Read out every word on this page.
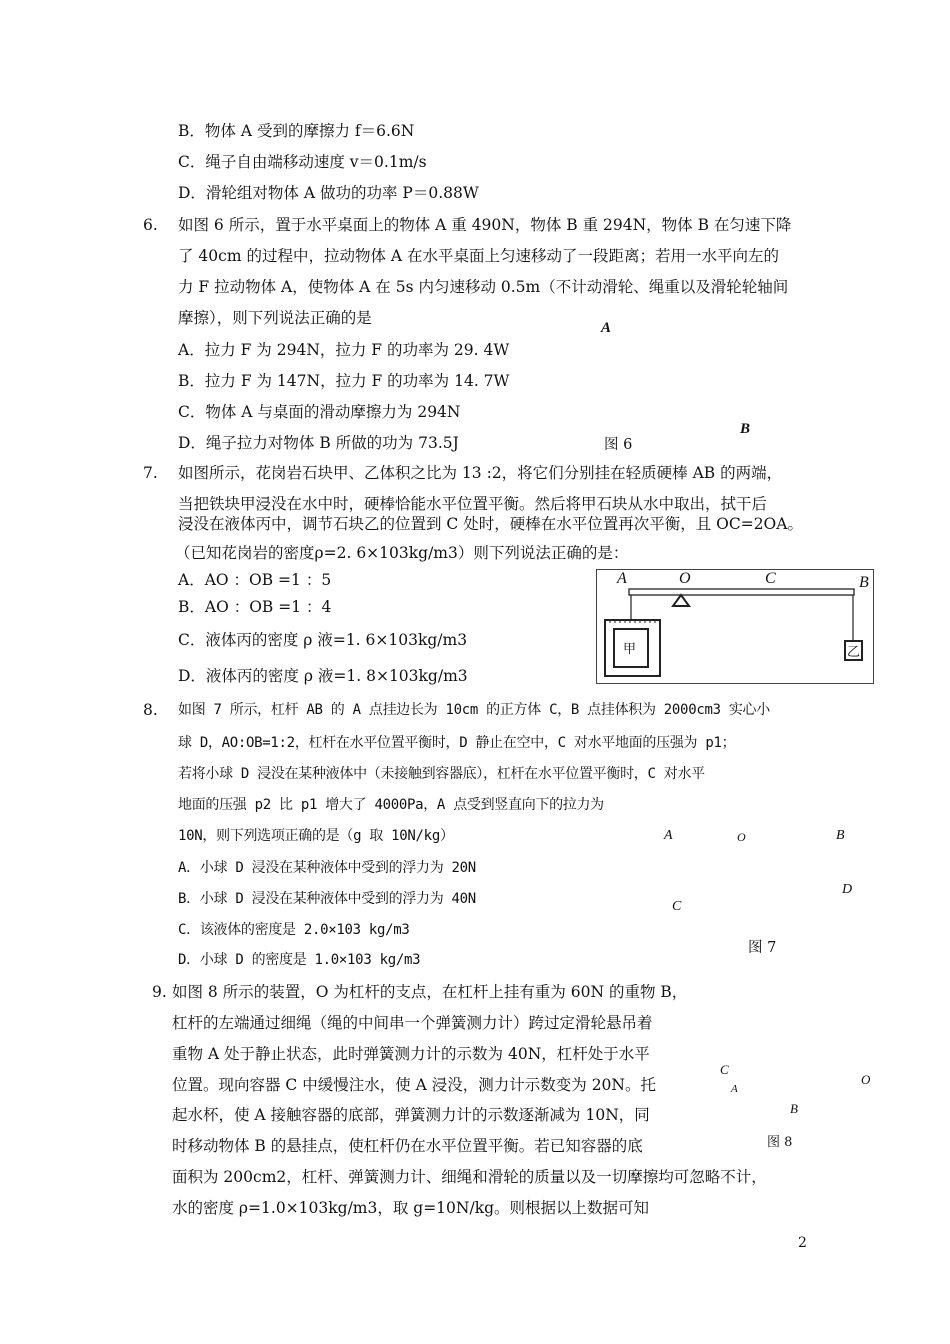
B．物体 A 受到的摩擦力 f＝6.6N
C．绳子自由端移动速度 v＝0.1m/s
D．滑轮组对物体 A 做功的功率 P＝0.88W
6. 如图 6 所示，置于水平桌面上的物体 A 重 490N，物体 B 重 294N，物体 B 在匀速下降
了 40cm 的过程中，拉动物体 A 在水平桌面上匀速移动了一段距离；若用一水平向左的
力 F 拉动物体 A，使物体 A 在 5s 内匀速移动 0.5m（不计动滑轮、绳重以及滑轮轮轴间
摩擦），则下列说法正确的是
A．拉力 F 为 294N，拉力 F 的功率为 29. 4W
B．拉力 F 为 147N，拉力 F 的功率为 14. 7W
C．物体 A 与桌面的滑动摩擦力为 294N
D．绳子拉力对物体 B 所做的功为 73.5J
A
B
图 6
7. 如图所示，花岗岩石块甲、乙体积之比为 13 :2，将它们分别挂在轻质硬棒 AB 的两端，
当把铁块甲浸没在水中时，硬棒恰能水平位置平衡。然后将甲石块从水中取出，拭干后
浸没在液体丙中，调节石块乙的位置到 C 处时，硬棒在水平位置再次平衡，且 OC=2OA。
（已知花岗岩的密度ρ=2. 6×103kg/m3）则下列说法正确的是：
A．AO ：OB =1 ：5
B．AO ：OB =1 ：4
C．液体丙的密度 ρ 液=1. 6×103kg/m3
D．液体丙的密度 ρ 液=1. 8×103kg/m3
A	O	C	B
甲	乙
8. 如图 7 所示，杠杆 AB 的 A 点挂边长为 10cm 的正方体 C，B 点挂体积为 2000cm3 实心小
球 D，AO:OB=1:2，杠杆在水平位置平衡时，D 静止在空中，C 对水平地面的压强为 p1；
若将小球 D 浸没在某种液体中（未接触到容器底），杠杆在水平位置平衡时，C 对水平
地面的压强 p2 比 p1 增大了 4000Pa，A 点受到竖直向下的拉力为
10N，则下列选项正确的是（g 取 10N/kg）
A．小球 D 浸没在某种液体中受到的浮力为 20N
B．小球 D 浸没在某种液体中受到的浮力为 40N
C．该液体的密度是 2.0×103 kg/m3
D．小球 D 的密度是 1.0×103 kg/m3
A	O	B
D
C
图 7
9. 如图 8 所示的装置，O 为杠杆的支点，在杠杆上挂有重为 60N 的重物 B，
杠杆的左端通过细绳（绳的中间串一个弹簧测力计）跨过定滑轮悬吊着
重物 A 处于静止状态，此时弹簧测力计的示数为 40N，杠杆处于水平
位置。现向容器 C 中缓慢注水，使 A 浸没，测力计示数变为 20N。托
起水杯，使 A 接触容器的底部，弹簧测力计的示数逐渐减为 10N，同
时移动物体 B 的悬挂点，使杠杆仍在水平位置平衡。若已知容器的底
面积为 200cm2，杠杆、弹簧测力计、细绳和滑轮的质量以及一切摩擦均可忽略不计，
水的密度 ρ=1.0×103kg/m3，取 g=10N/kg。则根据以上数据可知
C
A
O
B
图 8
2
